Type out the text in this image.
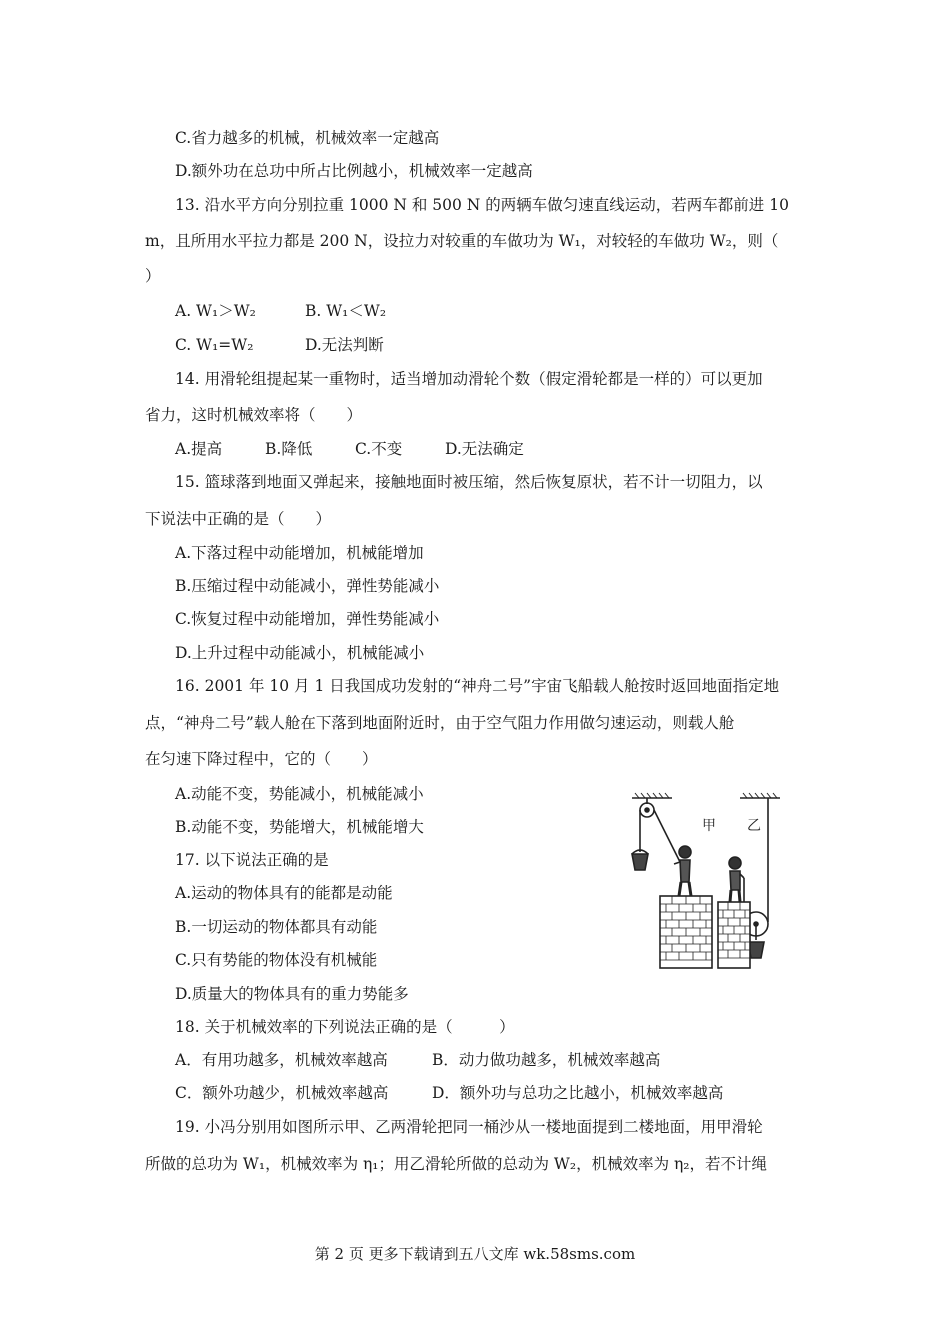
C.省力越多的机械，机械效率一定越高
D.额外功在总功中所占比例越小，机械效率一定越高
13. 沿水平方向分别拉重 1000 N 和 500 N 的两辆车做匀速直线运动，若两车都前进 10
m，且所用水平拉力都是 200 N，设拉力对较重的车做功为 W₁，对较轻的车做功 W₂，则（
）
A. W₁＞W₂	B. W₁＜W₂
C. W₁=W₂	D.无法判断
14. 用滑轮组提起某一重物时，适当增加动滑轮个数（假定滑轮都是一样的）可以更加
省力，这时机械效率将（　　）
A.提高	B.降低	C.不变	D.无法确定
15. 篮球落到地面又弹起来，接触地面时被压缩，然后恢复原状，若不计一切阻力，以
下说法中正确的是（　　）
A.下落过程中动能增加，机械能增加
B.压缩过程中动能减小，弹性势能减小
C.恢复过程中动能增加，弹性势能减小
D.上升过程中动能减小，机械能减小
16. 2001 年 10 月 1 日我国成功发射的“神舟二号”宇宙飞船载人舱按时返回地面指定地
点，“神舟二号”载人舱在下落到地面附近时，由于空气阻力作用做匀速运动，则载人舱
在匀速下降过程中，它的（　　）
A.动能不变，势能减小，机械能减小
B.动能不变，势能增大，机械能增大
17. 以下说法正确的是
A.运动的物体具有的能都是动能
B.一切运动的物体都具有动能
C.只有势能的物体没有机械能
D.质量大的物体具有的重力势能多
18. 关于机械效率的下列说法正确的是（　　　）
A．有用功越多，机械效率越高	B．动力做功越多，机械效率越高
C．额外功越少，机械效率越高	D．额外功与总功之比越小，机械效率越高
19. 小冯分别用如图所示甲、乙两滑轮把同一桶沙从一楼地面提到二楼地面，用甲滑轮
所做的总功为 W₁，机械效率为 η₁；用乙滑轮所做的总动为 W₂，机械效率为 η₂，若不计绳
甲 乙
第 2 页 更多下载请到五八文库 wk.58sms.com
